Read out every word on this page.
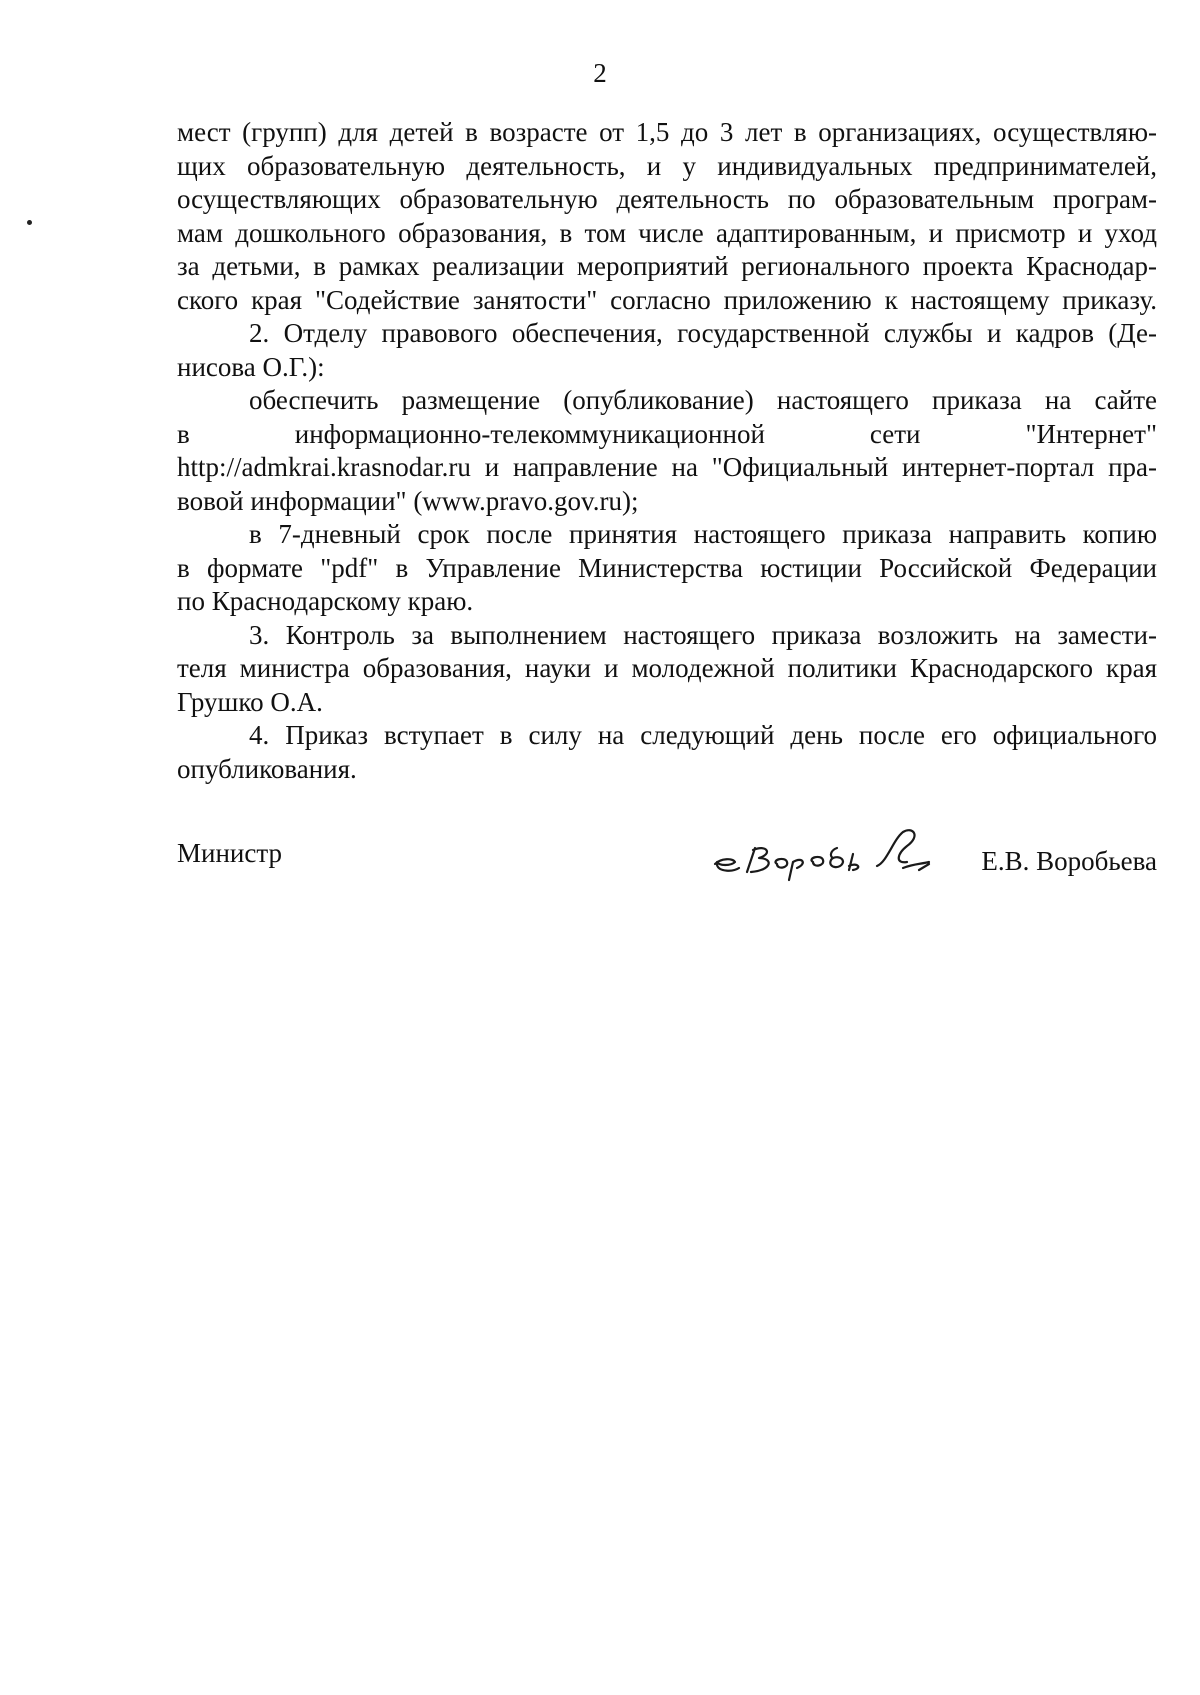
2
мест (групп) для детей в возрасте от 1,5 до 3 лет в организациях, осуществляю-
щих образовательную деятельность, и у индивидуальных предпринимателей,
осуществляющих образовательную деятельность по образовательным програм-
мам дошкольного образования, в том числе адаптированным, и присмотр и уход
за детьми, в рамках реализации мероприятий регионального проекта Краснодар-
ского края "Содействие занятости" согласно приложению к настоящему приказу.
2. Отделу правового обеспечения, государственной службы и кадров (Де-
нисова О.Г.):
обеспечить размещение (опубликование) настоящего приказа на сайте
в	информационно-телекоммуникационной	сети	"Интернет"
http://admkrai.krasnodar.ru и направление на "Официальный интернет-портал пра-
вовой информации" (www.pravo.gov.ru);
в 7-дневный срок после принятия настоящего приказа направить копию
в формате "pdf" в Управление Министерства юстиции Российской Федерации
по Краснодарскому краю.
3. Контроль за выполнением настоящего приказа возложить на замести-
теля министра образования, науки и молодежной политики Краснодарского края
Грушко О.А.
4. Приказ вступает в силу на следующий день после его официального
опубликования.
Министр	Е.В. Воробьева
